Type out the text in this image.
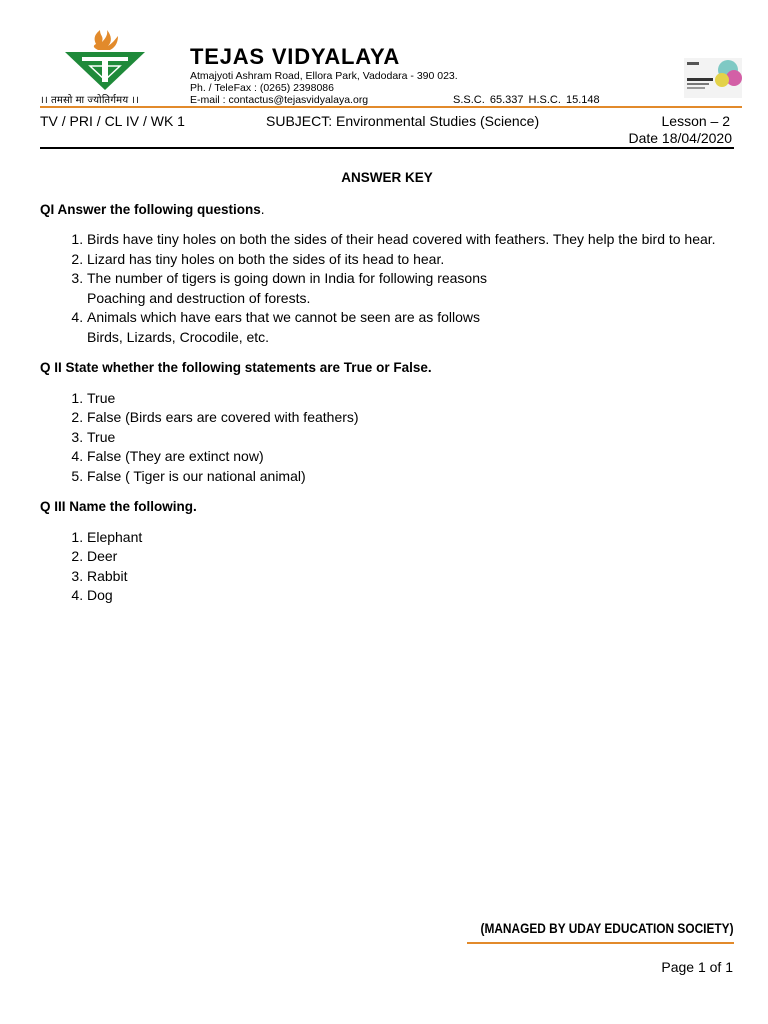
।। तमसो मा ज्योतिर्गमय ।।
TEJAS VIDYALAYA
Atmajyoti Ashram Road, Ellora Park, Vadodara - 390 023.
Ph. / TeleFax : (0265) 2398086
E-mail : contactus@tejasvidyalaya.org	S.S.C. 65.337 H.S.C. 15.148
TV / PRI / CL IV / WK 1	SUBJECT: Environmental Studies (Science)	Lesson – 2
Date 18/04/2020
ANSWER KEY
QI Answer the following questions.
1. Birds have tiny holes on both the sides of their head covered with feathers. They help the bird to hear.
2. Lizard has tiny holes on both the sides of its head to hear.
3. The number of tigers is going down in India for following reasons
Poaching and destruction of forests.
4. Animals which have ears that we cannot be seen are as follows
Birds, Lizards, Crocodile, etc.
Q II State whether the following statements are True or False.
1. True
2. False (Birds ears are covered with feathers)
3. True
4. False (They are extinct now)
5. False ( Tiger is our national animal)
Q III Name the following.
1. Elephant
2. Deer
3. Rabbit
4. Dog
(MANAGED BY UDAY EDUCATION SOCIETY)
Page 1 of 1
